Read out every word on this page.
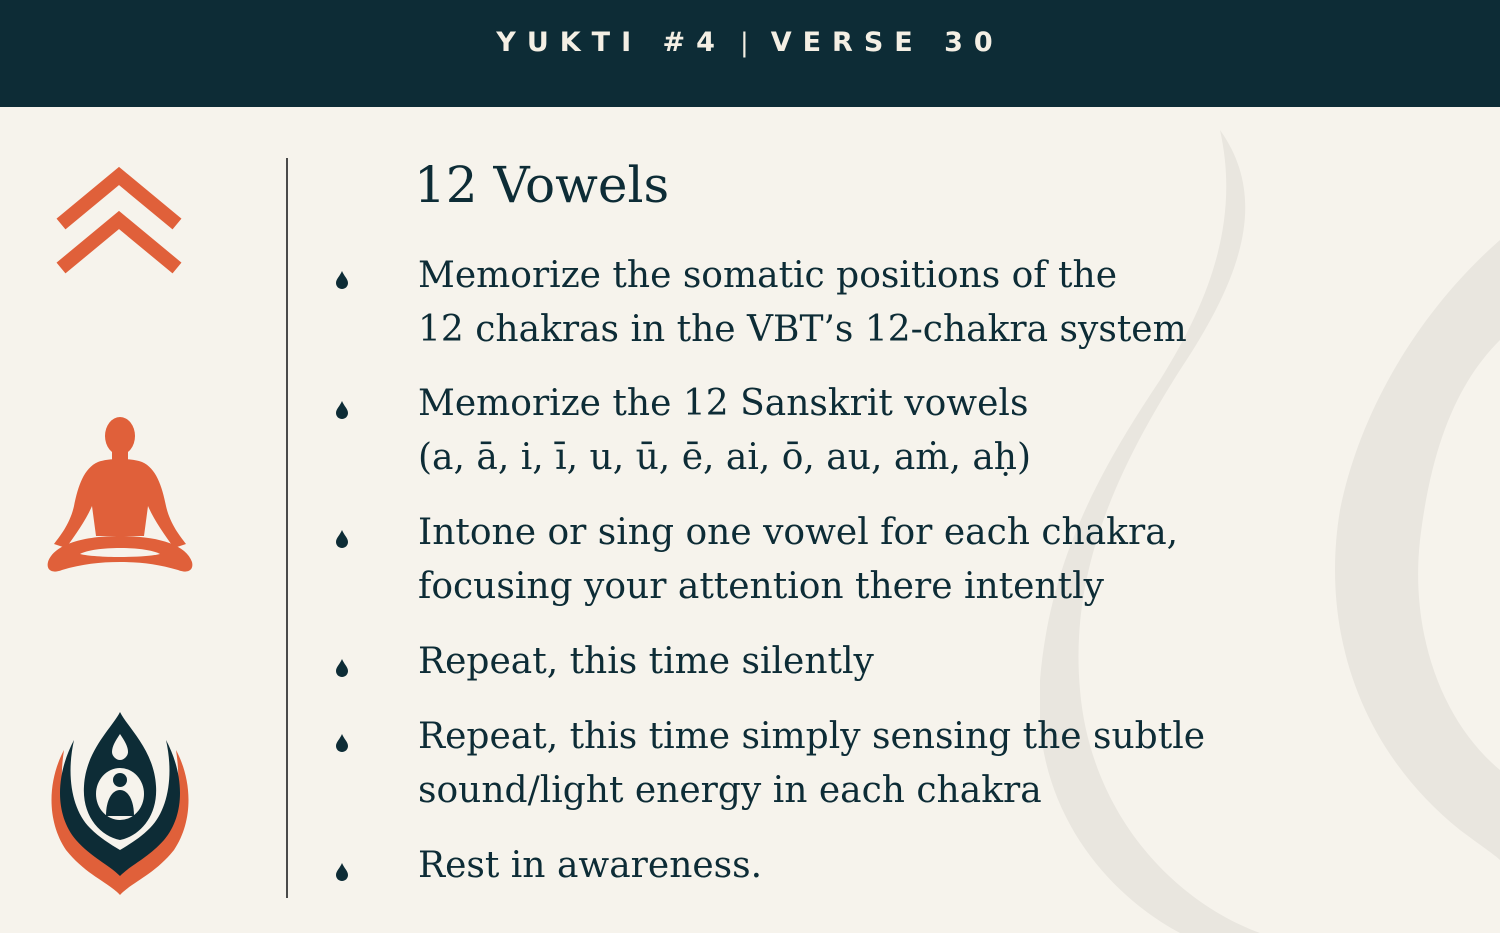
YUKTI #4 | VERSE 30
12 Vowels
Memorize the somatic positions of the
12 chakras in the VBT’s 12-chakra system
Memorize the 12 Sanskrit vowels
(a, ā, i, ī, u, ū, ē, ai, ō, au, aṁ, aḥ)
Intone or sing one vowel for each chakra,
focusing your attention there intently
Repeat, this time silently
Repeat, this time simply sensing the subtle
sound/light energy in each chakra
Rest in awareness.
